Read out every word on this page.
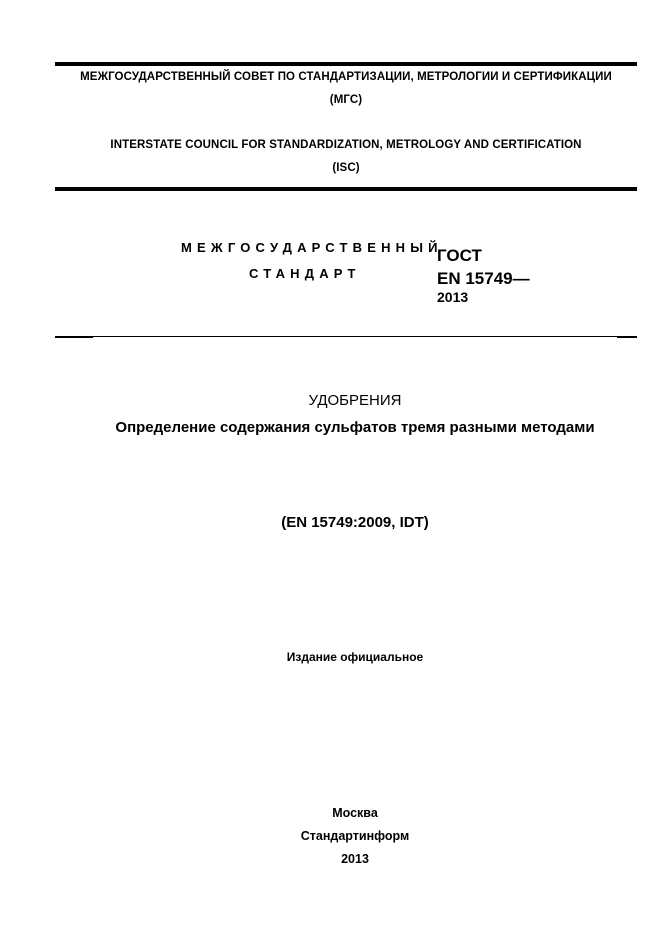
МЕЖГОСУДАРСТВЕННЫЙ СОВЕТ ПО СТАНДАРТИЗАЦИИ, МЕТРОЛОГИИ И СЕРТИФИКАЦИИ
(МГС)
INTERSTATE COUNCIL FOR STANDARDIZATION, METROLOGY AND CERTIFICATION
(ISC)
МЕЖГОСУДАРСТВЕННЫЙ
СТАНДАРТ
ГОСТ
EN 15749—
2013
УДОБРЕНИЯ
Определение содержания сульфатов тремя разными методами
(EN 15749:2009, IDT)
Издание официальное
Москва
Стандартинформ
2013
